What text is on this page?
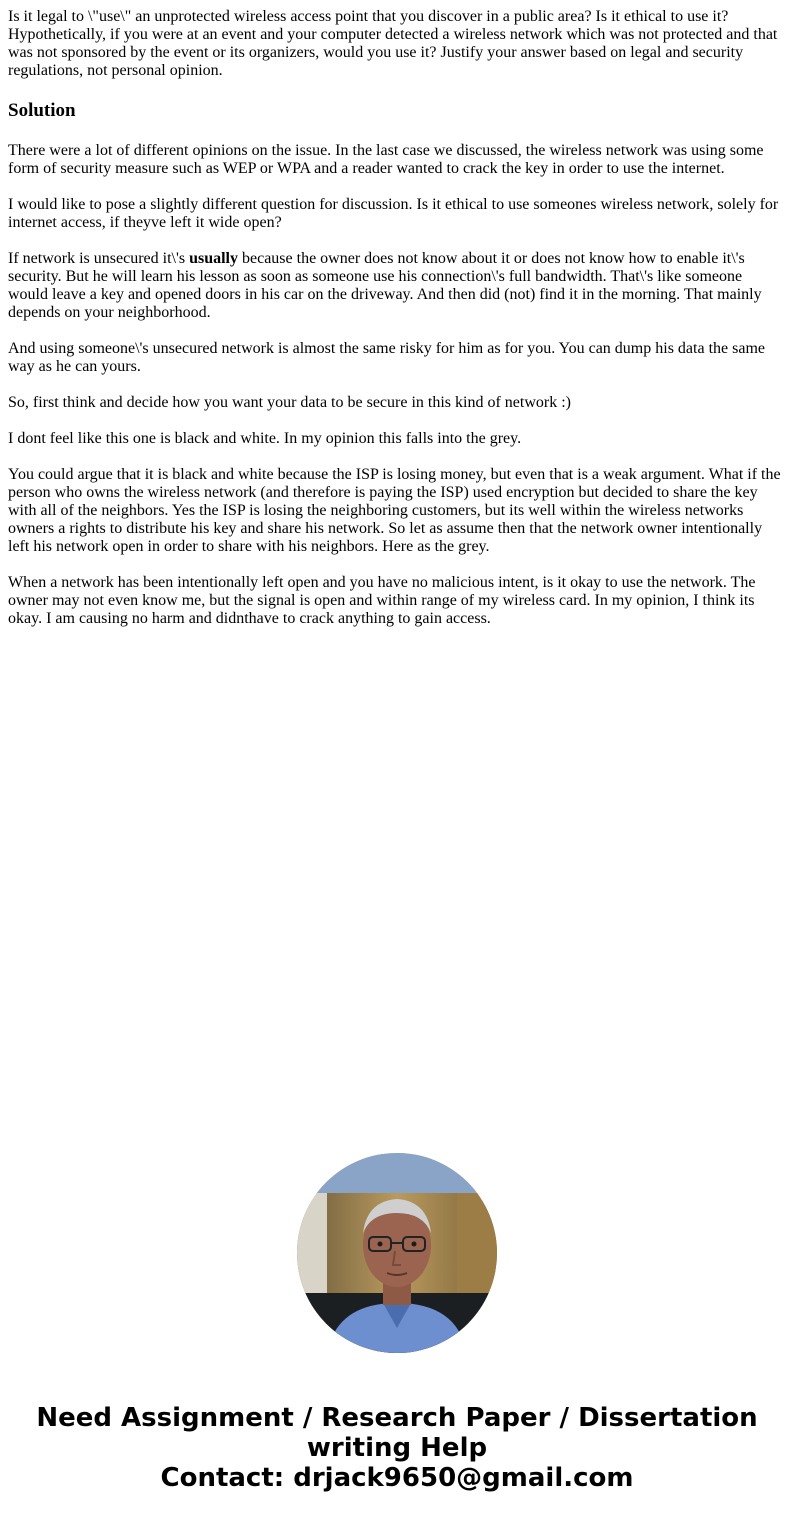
Is it legal to \"use\" an unprotected wireless access point that you discover in a public area? Is it ethical to use it? Hypothetically, if you were at an event and your computer detected a wireless network which was not protected and that was not sponsored by the event or its organizers, would you use it? Justify your answer based on legal and security regulations, not personal opinion.
Solution
There were a lot of different opinions on the issue. In the last case we discussed, the wireless network was using some form of security measure such as WEP or WPA and a reader wanted to crack the key in order to use the internet.
I would like to pose a slightly different question for discussion. Is it ethical to use someones wireless network, solely for internet access, if theyve left it wide open?
If network is unsecured it\'s usually because the owner does not know about it or does not know how to enable it\'s security. But he will learn his lesson as soon as someone use his connection\'s full bandwidth. That\'s like someone would leave a key and opened doors in his car on the driveway. And then did (not) find it in the morning. That mainly depends on your neighborhood.
And using someone\'s unsecured network is almost the same risky for him as for you. You can dump his data the same way as he can yours.
So, first think and decide how you want your data to be secure in this kind of network :)
I dont feel like this one is black and white. In my opinion this falls into the grey.
You could argue that it is black and white because the ISP is losing money, but even that is a weak argument. What if the person who owns the wireless network (and therefore is paying the ISP) used encryption but decided to share the key with all of the neighbors. Yes the ISP is losing the neighboring customers, but its well within the wireless networks owners a rights to distribute his key and share his network. So let as assume then that the network owner intentionally left his network open in order to share with his neighbors. Here as the grey.
When a network has been intentionally left open and you have no malicious intent, is it okay to use the network. The owner may not even know me, but the signal is open and within range of my wireless card. In my opinion, I think its okay. I am causing no harm and didnthave to crack anything to gain access.
Need Assignment / Research Paper / Dissertation
writing Help
Contact: drjack9650@gmail.com
